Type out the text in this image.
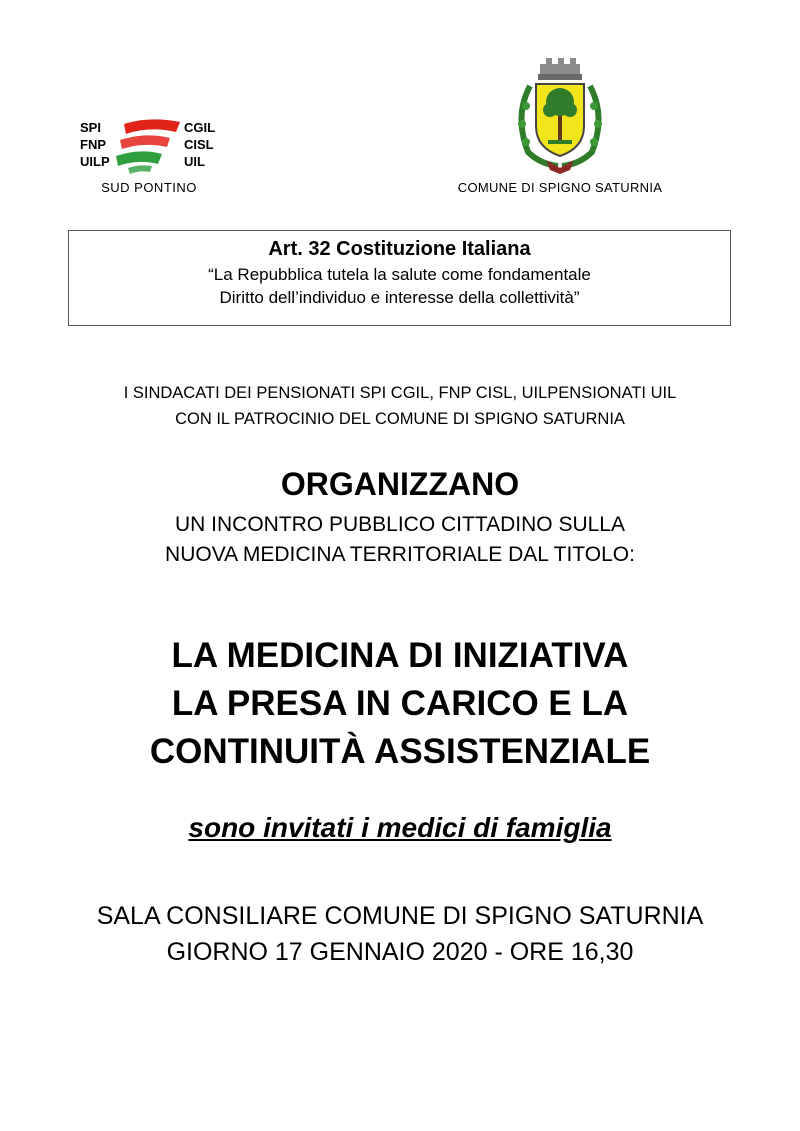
SPI
FNP
UILP
CGIL
CISL
UIL
SUD PONTINO	COMUNE DI SPIGNO SATURNIA
Art. 32 Costituzione Italiana
“La Repubblica tutela la salute come fondamentale
Diritto dell’individuo e interesse della collettività”
I SINDACATI DEI PENSIONATI SPI CGIL, FNP CISL, UILPENSIONATI UIL
CON IL PATROCINIO DEL COMUNE DI SPIGNO SATURNIA
ORGANIZZANO
UN INCONTRO PUBBLICO CITTADINO SULLA
NUOVA MEDICINA TERRITORIALE DAL TITOLO:
LA MEDICINA DI INIZIATIVA
LA PRESA IN CARICO E LA
CONTINUITÀ ASSISTENZIALE
sono invitati i medici di famiglia
SALA CONSILIARE COMUNE DI SPIGNO SATURNIA
GIORNO 17 GENNAIO 2020 - ORE 16,30
